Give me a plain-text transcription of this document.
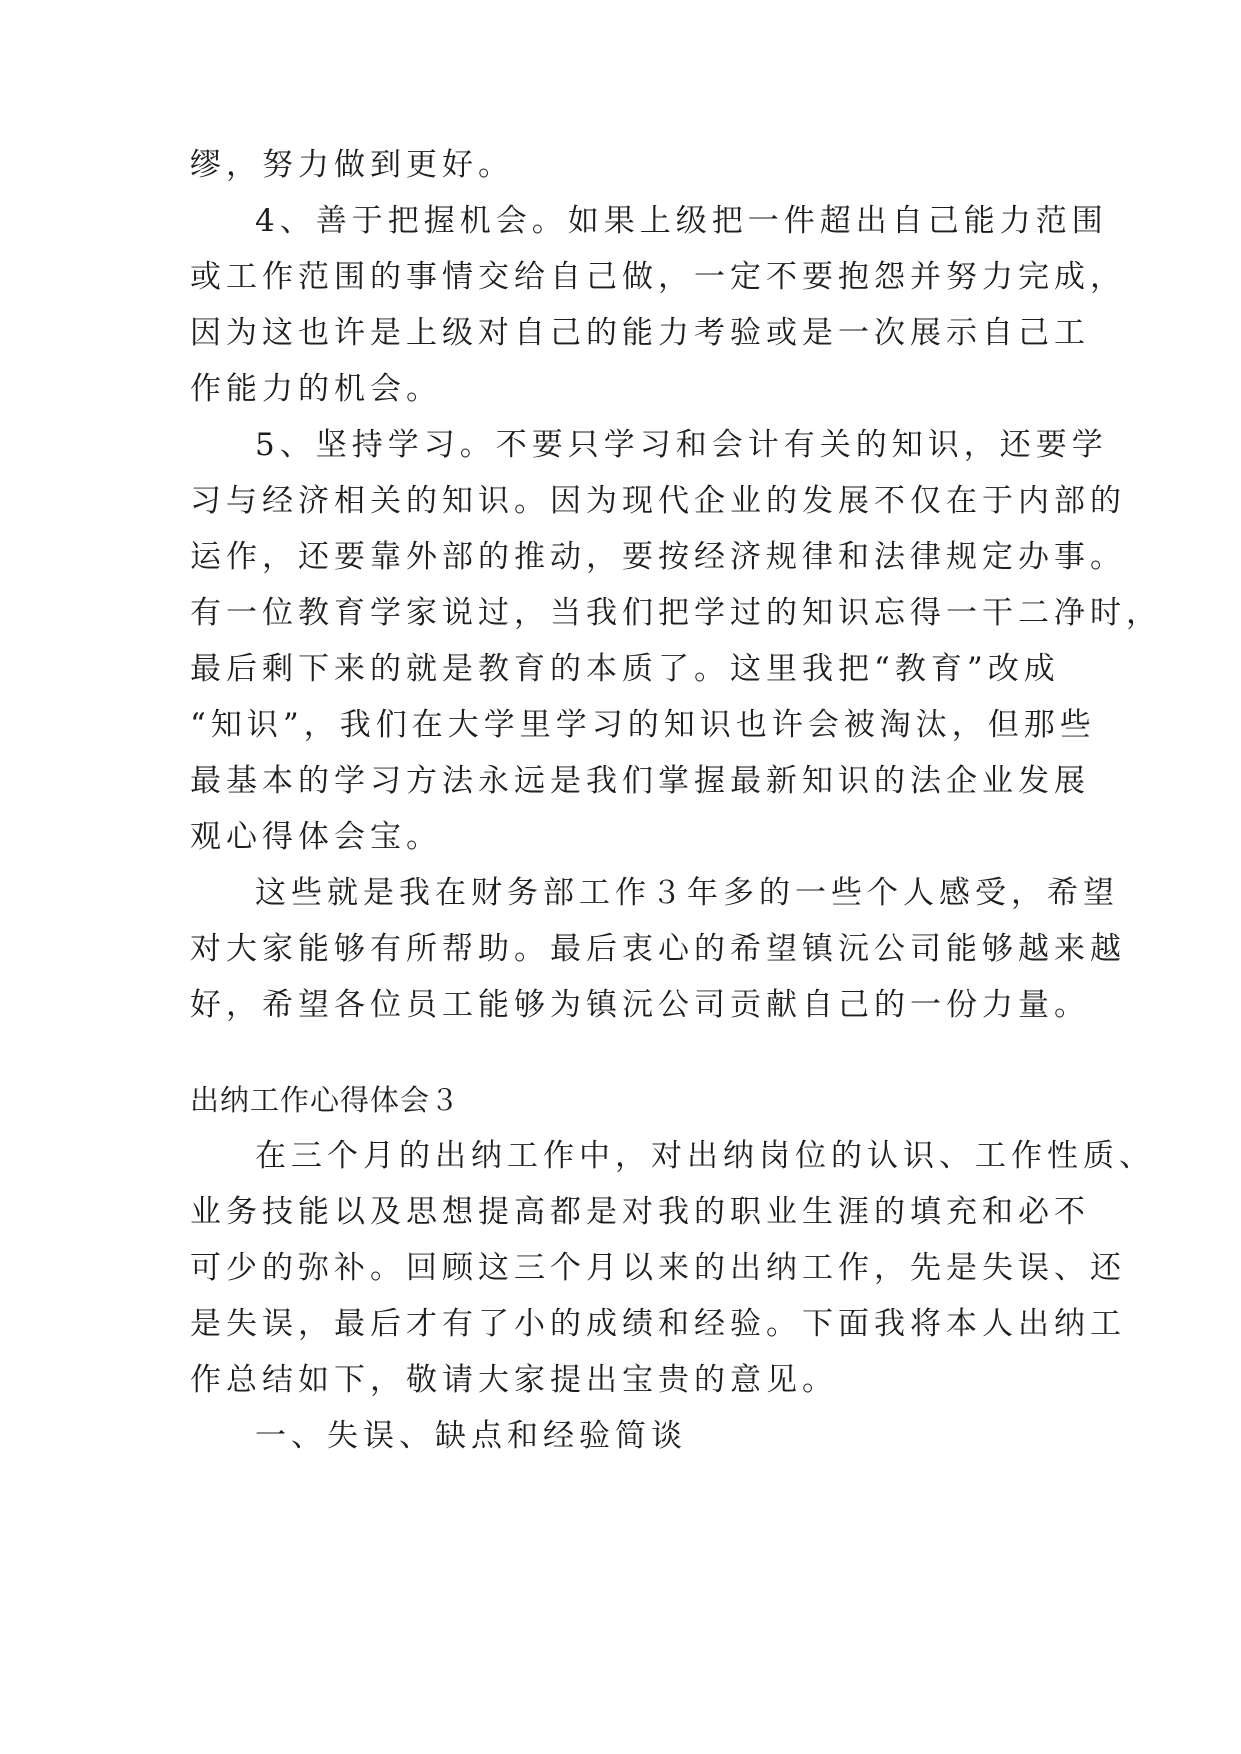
缪，努力做到更好。
4、善于把握机会。如果上级把一件超出自己能力范围
或工作范围的事情交给自己做，一定不要抱怨并努力完成，
因为这也许是上级对自己的能力考验或是一次展示自己工
作能力的机会。
5、坚持学习。不要只学习和会计有关的知识，还要学
习与经济相关的知识。因为现代企业的发展不仅在于内部的
运作，还要靠外部的推动，要按经济规律和法律规定办事。
有一位教育学家说过，当我们把学过的知识忘得一干二净时，
最后剩下来的就是教育的本质了。这里我把“教育”改成
“知识”，我们在大学里学习的知识也许会被淘汰，但那些
最基本的学习方法永远是我们掌握最新知识的法企业发展
观心得体会宝。
这些就是我在财务部工作３年多的一些个人感受，希望
对大家能够有所帮助。最后衷心的希望镇沅公司能够越来越
好，希望各位员工能够为镇沅公司贡献自己的一份力量。
出纳工作心得体会３
在三个月的出纳工作中，对出纳岗位的认识、工作性质、
业务技能以及思想提高都是对我的职业生涯的填充和必不
可少的弥补。回顾这三个月以来的出纳工作，先是失误、还
是失误，最后才有了小的成绩和经验。下面我将本人出纳工
作总结如下，敬请大家提出宝贵的意见。
一、失误、缺点和经验简谈
